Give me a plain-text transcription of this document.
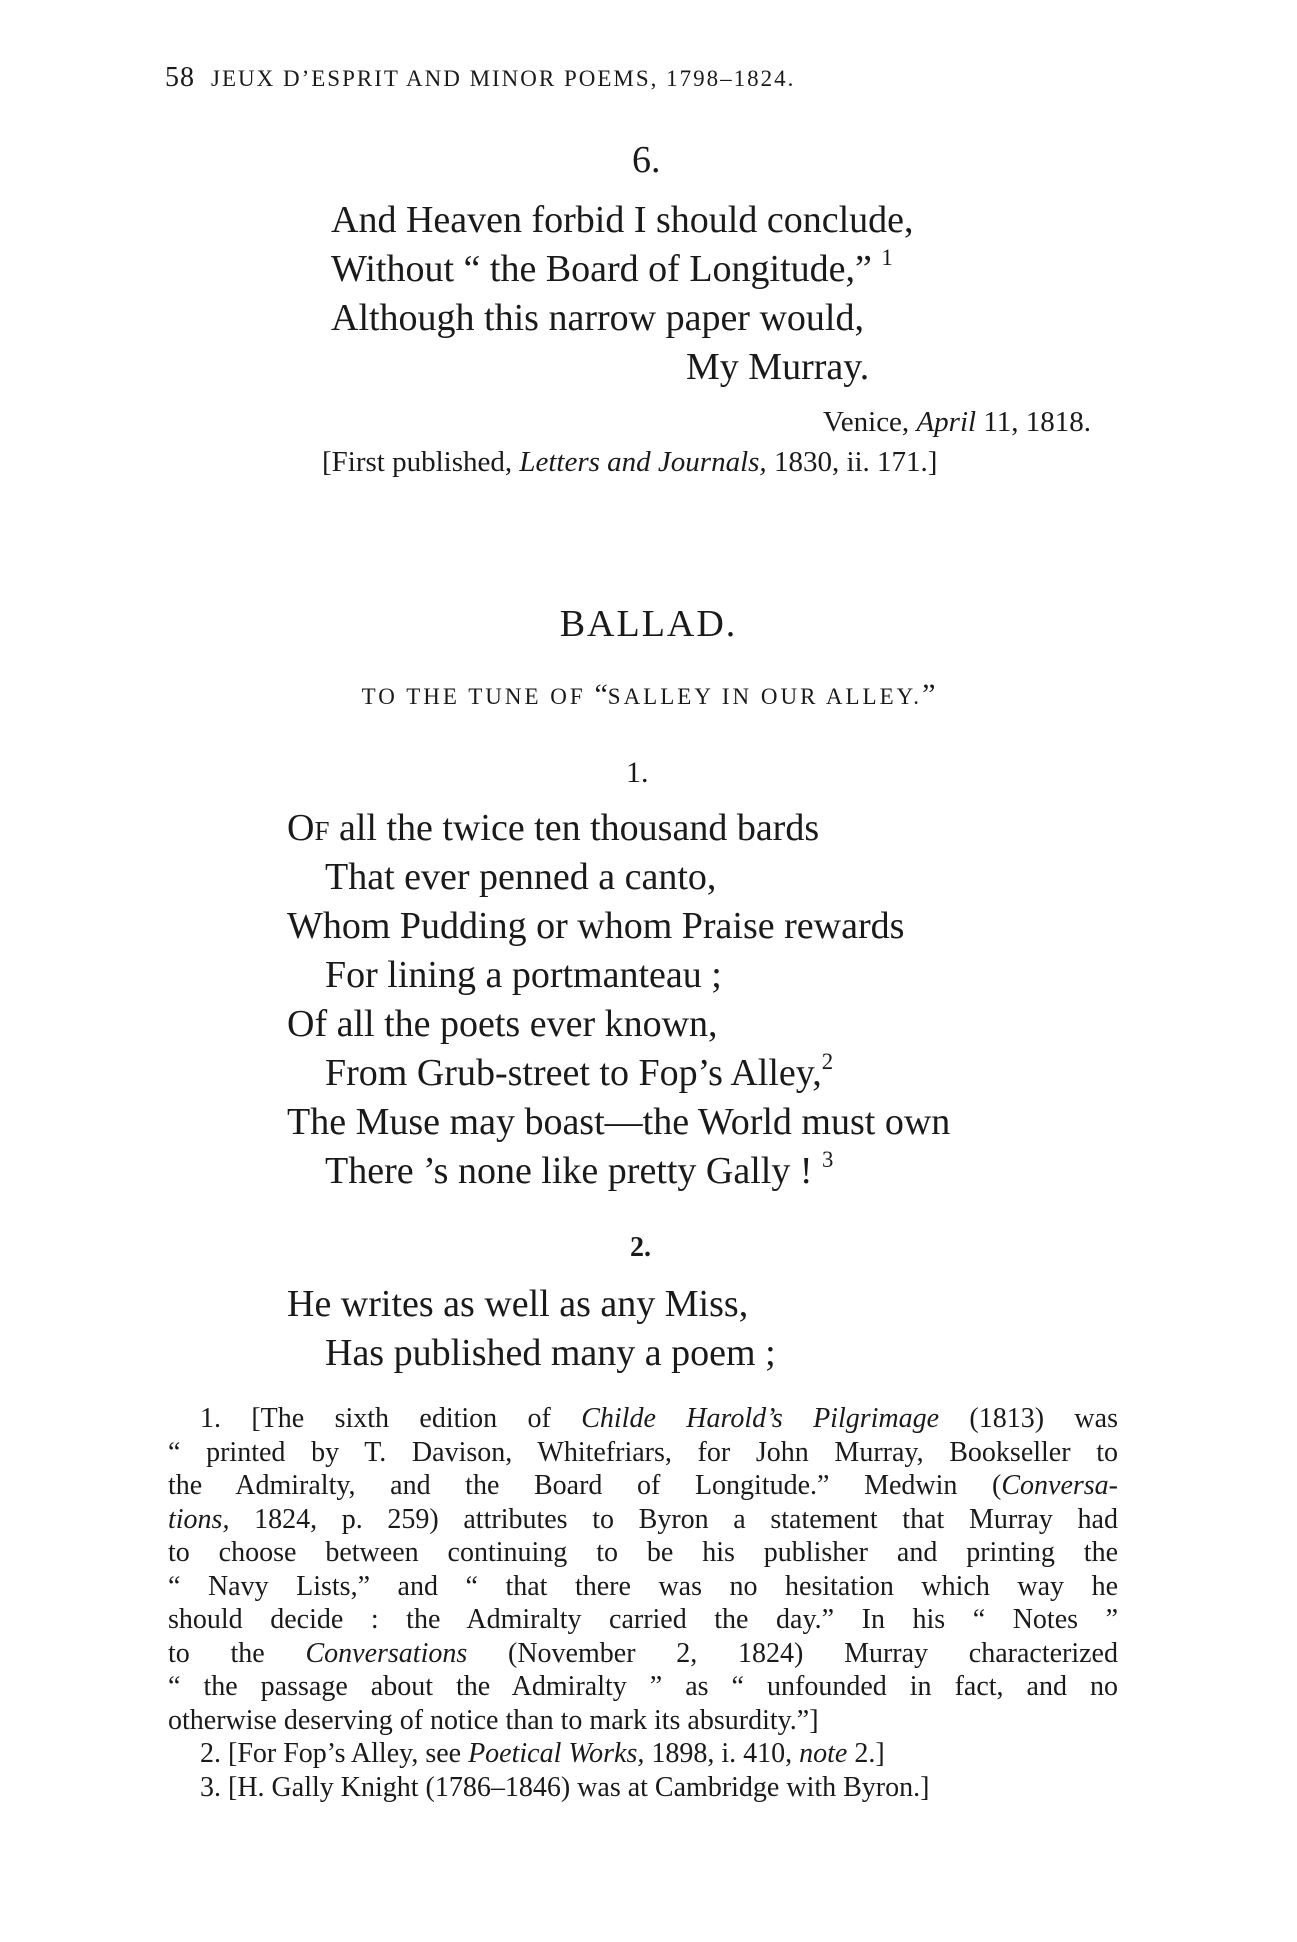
58 JEUX D’ESPRIT AND MINOR POEMS, 1798–1824.
6.
And Heaven forbid I should conclude,
Without “ the Board of Longitude,” $^1$
Although this narrow paper would,
My Murray.
Venice, April 11, 1818.
[First published, Letters and Journals, 1830, ii. 171.]
BALLAD.
TO THE TUNE OF “SALLEY IN OUR ALLEY.”
1.
OF all the twice ten thousand bards
That ever penned a canto,
Whom Pudding or whom Praise rewards
For lining a portmanteau ;
Of all the poets ever known,
From Grub-street to Fop’s Alley,$^2$
The Muse may boast—the World must own
There ’s none like pretty Gally ! $^3$
2.
He writes as well as any Miss,
Has published many a poem ;
1. [The sixth edition of Childe Harold’s Pilgrimage (1813) was
“ printed by T. Davison, Whitefriars, for John Murray, Bookseller to
the Admiralty, and the Board of Longitude.” Medwin (Conversa-
tions, 1824, p. 259) attributes to Byron a statement that Murray had
to choose between continuing to be his publisher and printing the
“ Navy Lists,” and “ that there was no hesitation which way he
should decide : the Admiralty carried the day.” In his “ Notes ”
to the Conversations (November 2, 1824) Murray characterized
“ the passage about the Admiralty ” as “ unfounded in fact, and no
otherwise deserving of notice than to mark its absurdity.”]
2. [For Fop’s Alley, see Poetical Works, 1898, i. 410, note 2.]
3. [H. Gally Knight (1786–1846) was at Cambridge with Byron.]
